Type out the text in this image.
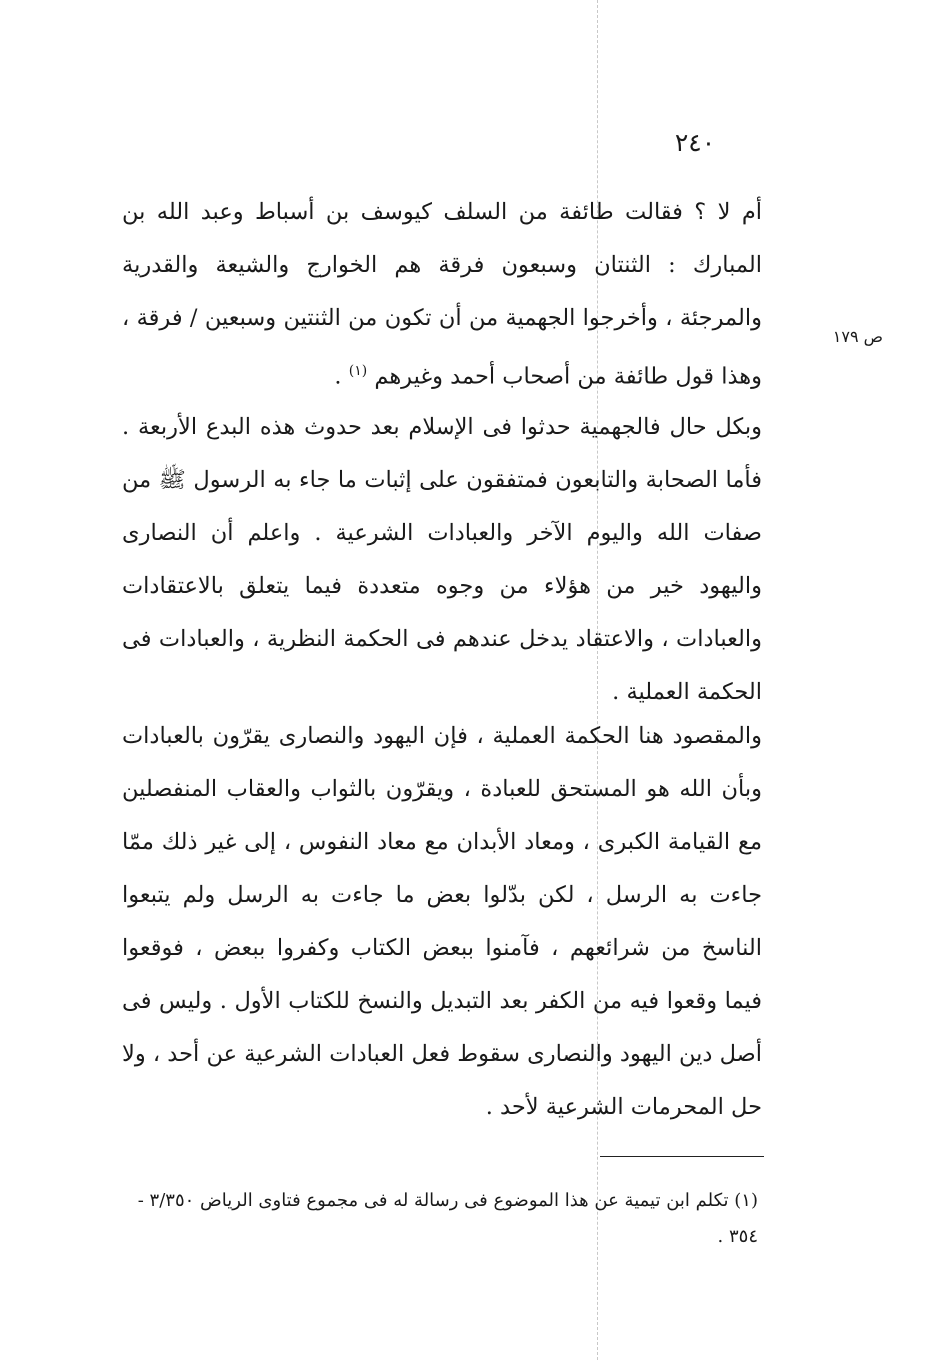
٢٤٠
ص ١٧٩

أم لا ؟ فقالت طائفة من السلف كيوسف بن أسباط وعبد الله بن المبارك : الثنتان وسبعون فرقة هم الخوارج والشيعة والقدرية والمرجئة ، وأخرجوا الجهمية من أن تكون من الثنتين وسبعين / فرقة ، وهذا قول طائفة من أصحاب أحمد وغيرهم $^{(١)}$ .

وبكل حال فالجهمية حدثوا فى الإسلام بعد حدوث هذه البدع الأربعة . فأما الصحابة والتابعون فمتفقون على إثبات ما جاء به الرسول ﷺ من صفات الله واليوم الآخر والعبادات الشرعية . واعلم أن النصارى واليهود خير من هؤلاء من وجوه متعددة فيما يتعلق بالاعتقادات والعبادات ، والاعتقاد يدخل عندهم فى الحكمة النظرية ، والعبادات فى الحكمة العملية .

والمقصود هنا الحكمة العملية ، فإن اليهود والنصارى يقرّون بالعبادات وبأن الله هو المستحق للعبادة ، ويقرّون بالثواب والعقاب المنفصلين مع القيامة الكبرى ، ومعاد الأبدان مع معاد النفوس ، إلى غير ذلك ممّا جاءت به الرسل ، لكن بدّلوا بعض ما جاءت به الرسل ولم يتبعوا الناسخ من شرائعهم ، فآمنوا ببعض الكتاب وكفروا ببعض ، فوقعوا فيما وقعوا فيه من الكفر بعد التبديل والنسخ للكتاب الأول . وليس فى أصل دين اليهود والنصارى سقوط فعل العبادات الشرعية عن أحد ، ولا حل المحرمات الشرعية لأحد .

(١) تكلم ابن تيمية عن هذا الموضوع فى رسالة له فى مجموع فتاوى الرياض ٣/٣٥٠ - ٣٥٤ .
